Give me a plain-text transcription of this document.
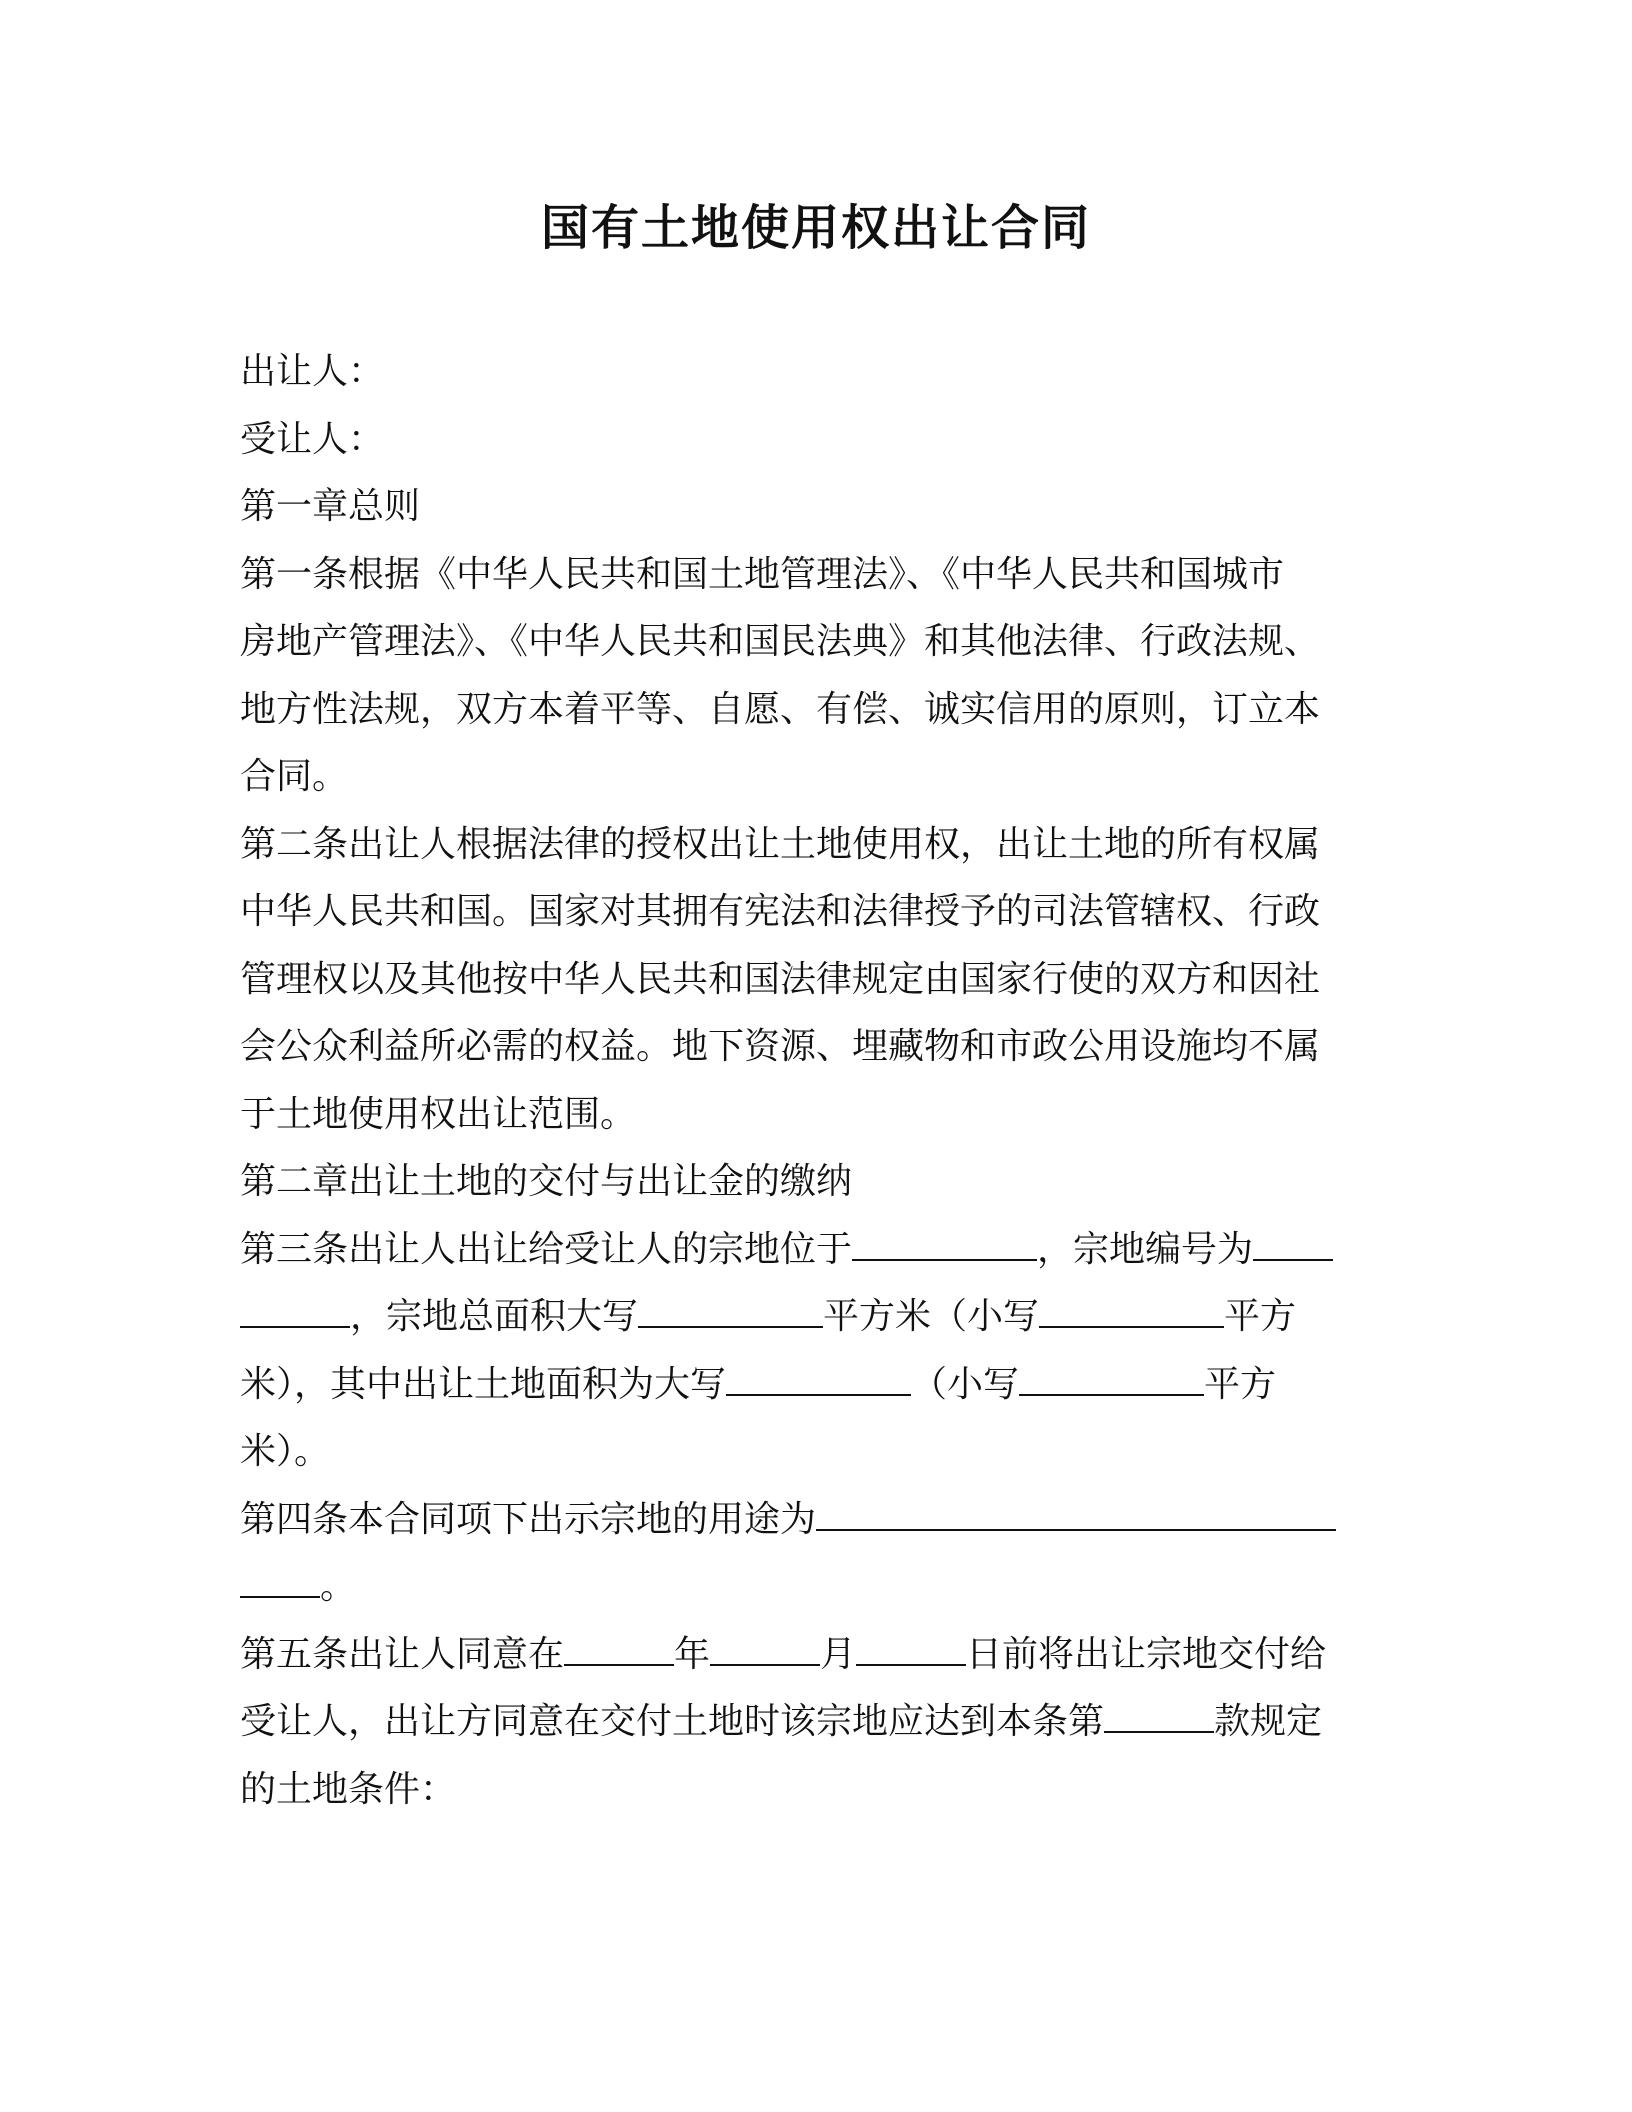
国有土地使用权出让合同

出让人：

受让人：

第一章总则

第一条根据《中华人民共和国土地管理法》、《中华人民共和国城市

房地产管理法》、《中华人民共和国民法典》和其他法律、行政法规、

地方性法规，双方本着平等、自愿、有偿、诚实信用的原则，订立本

合同。

第二条出让人根据法律的授权出让土地使用权，出让土地的所有权属

中华人民共和国。国家对其拥有宪法和法律授予的司法管辖权、行政

管理权以及其他按中华人民共和国法律规定由国家行使的双方和因社

会公众利益所必需的权益。地下资源、埋藏物和市政公用设施均不属

于土地使用权出让范围。

第二章出让土地的交付与出让金的缴纳

第三条出让人出让给受让人的宗地位于	，宗地编号为

，宗地总面积大写	平方米（小写	平方

米），其中出让土地面积为大写	（小写	平方

米）。

第四条本合同项下出示宗地的用途为

。

第五条出让人同意在	年	月	日前将出让宗地交付给

受让人，出让方同意在交付土地时该宗地应达到本条第	款规定

的土地条件：
